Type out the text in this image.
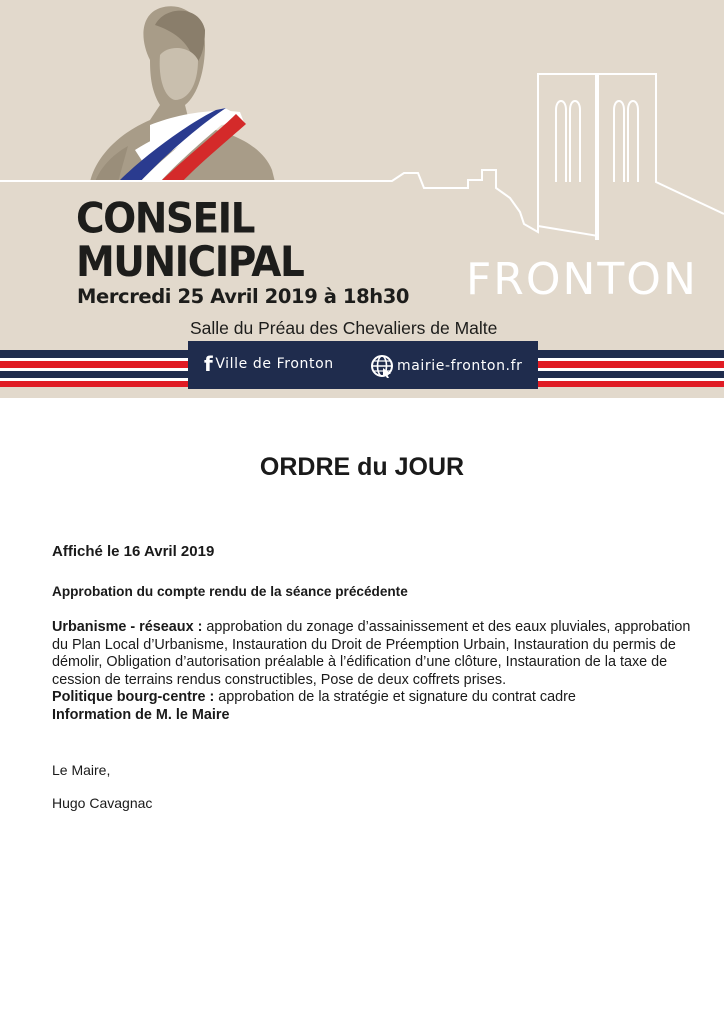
CONSEIL
MUNICIPAL
Mercredi 25 Avril 2019 à 18h30 FRONTON
Salle du Préau des Chevaliers de Malte
f Ville de Fronton	mairie-fronton.fr
ORDRE du JOUR
Affiché le 16 Avril 2019
Approbation du compte rendu de la séance précédente
Urbanisme - réseaux : approbation du zonage d’assainissement et des eaux pluviales, approbation du Plan Local d’Urbanisme, Instauration du Droit de Préemption Urbain, Instauration du permis de démolir, Obligation d’autorisation préalable à l’édification d’une clôture, Instauration de la taxe de cession de terrains rendus constructibles, Pose de deux coffrets prises.
Politique bourg-centre : approbation de la stratégie et signature du contrat cadre
Information de M. le Maire
Le Maire,
Hugo Cavagnac
